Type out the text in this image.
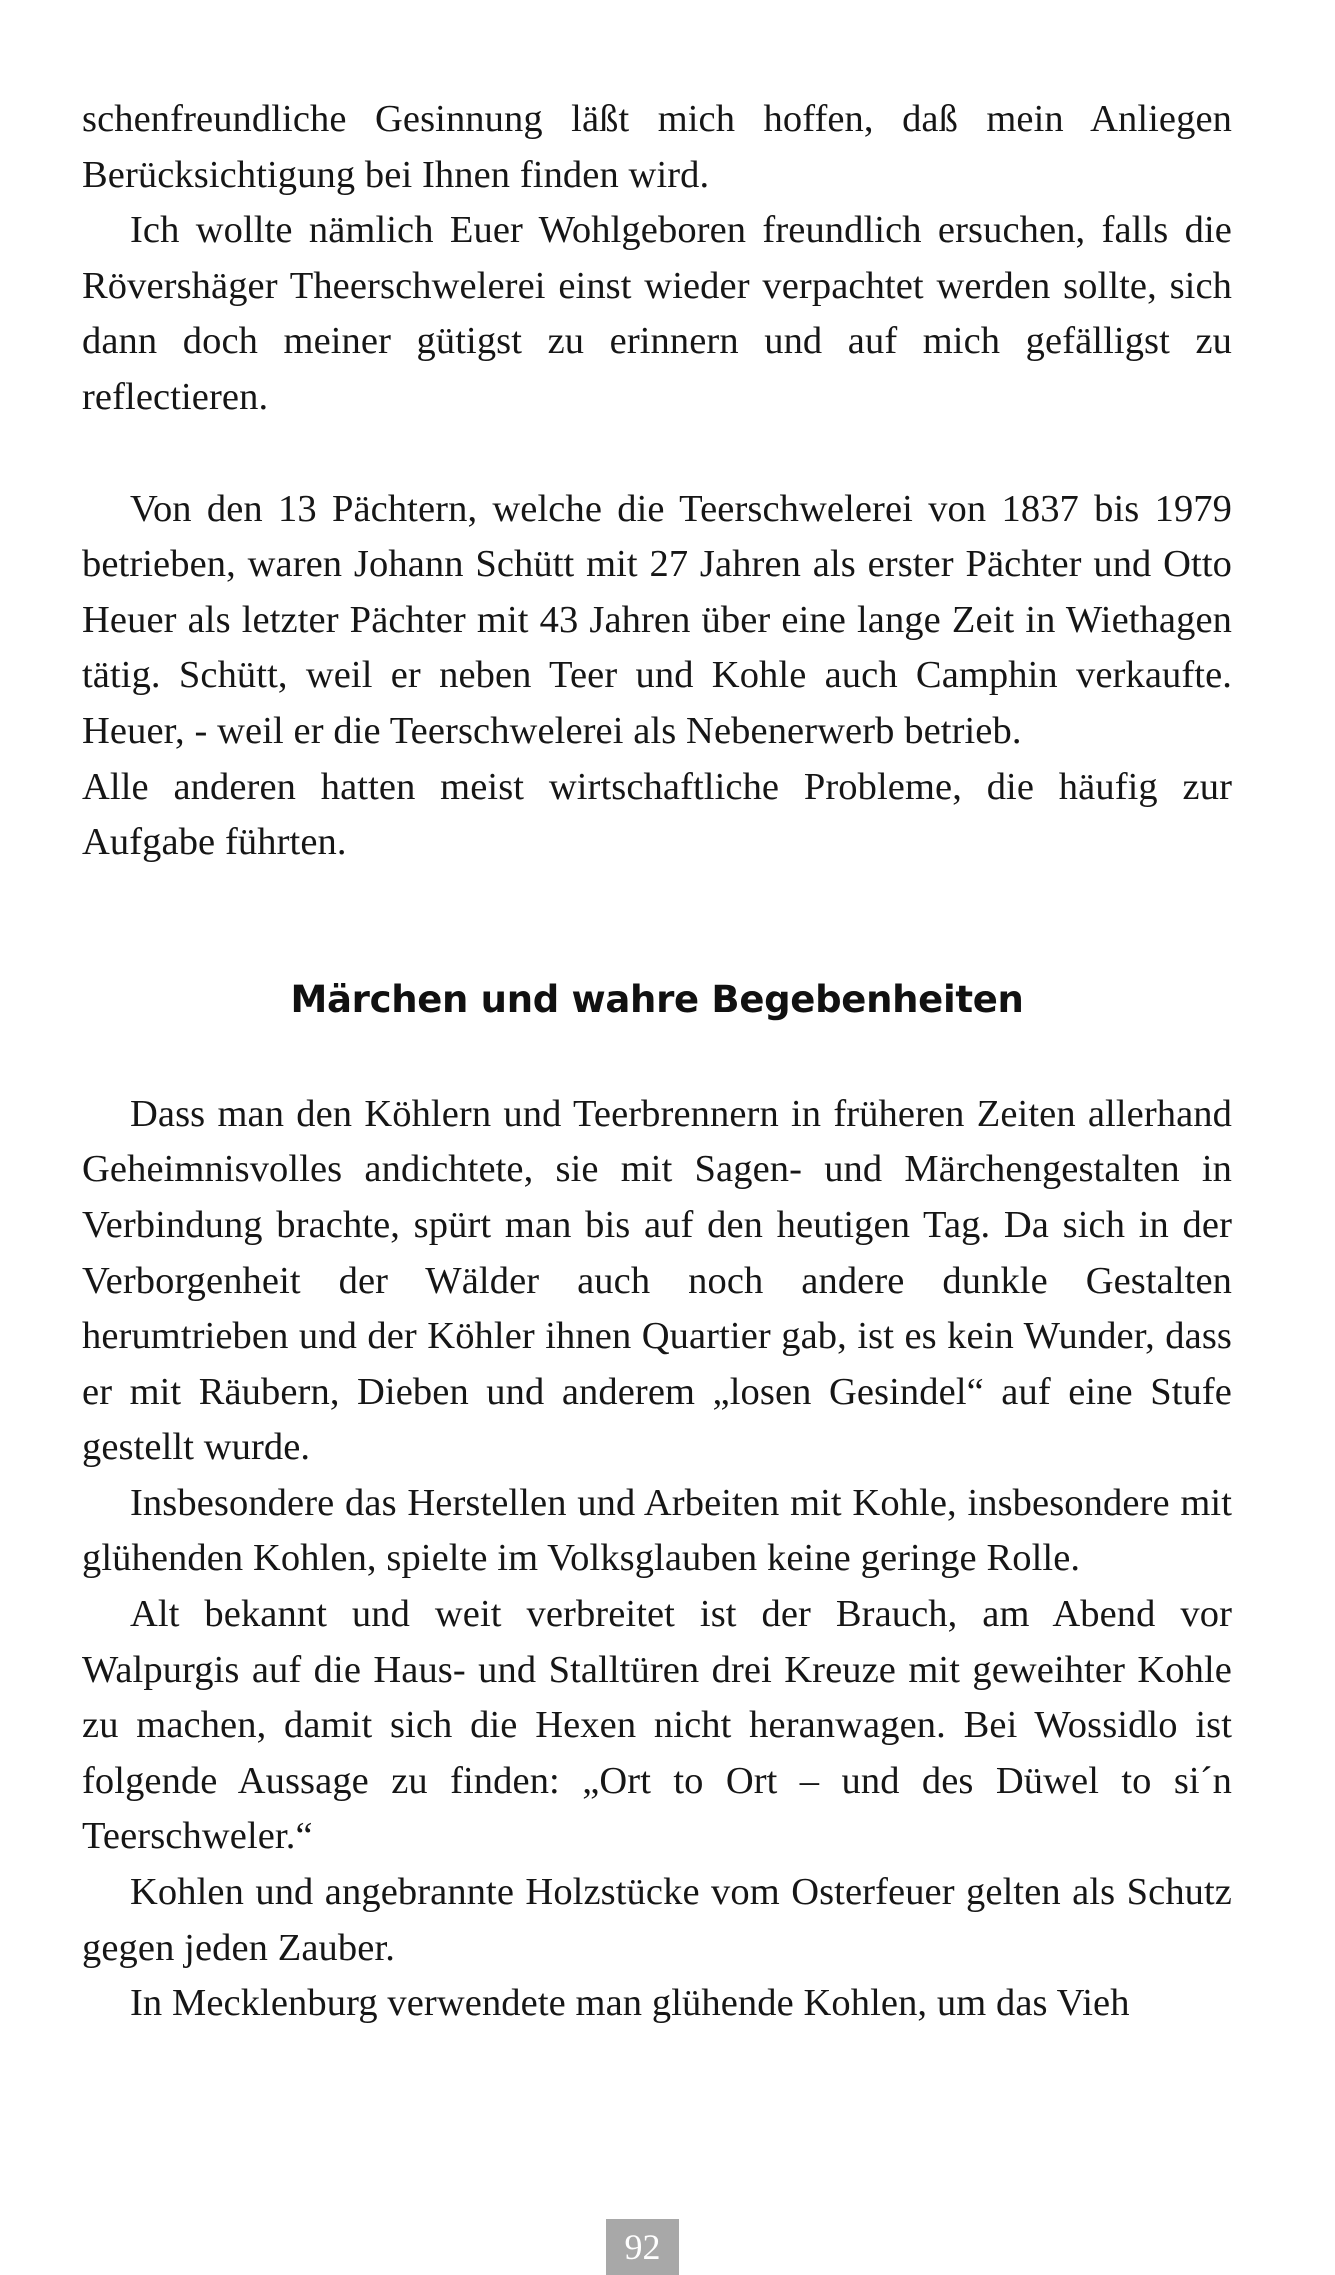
schenfreundliche Gesinnung läßt mich hoffen, daß mein Anliegen Berücksichtigung bei Ihnen finden wird.

Ich wollte nämlich Euer Wohlgeboren freundlich ersuchen, falls die Rövershäger Theerschwelerei einst wieder verpachtet werden sollte, sich dann doch meiner gütigst zu erinnern und auf mich gefälligst zu reflectieren.

Von den 13 Pächtern, welche die Teerschwelerei von 1837 bis 1979 betrieben, waren Johann Schütt mit 27 Jahren als erster Pächter und Otto Heuer als letzter Pächter mit 43 Jahren über eine lange Zeit in Wiethagen tätig. Schütt, weil er neben Teer und Kohle auch Camphin verkaufte. Heuer, - weil er die Teerschwelerei als Nebenerwerb betrieb.

Alle anderen hatten meist wirtschaftliche Probleme, die häufig zur Aufgabe führten.

Märchen und wahre Begebenheiten

Dass man den Köhlern und Teerbrennern in früheren Zeiten allerhand Geheimnisvolles andichtete, sie mit Sagen- und Märchengestalten in Verbindung brachte, spürt man bis auf den heutigen Tag. Da sich in der Verborgenheit der Wälder auch noch andere dunkle Gestalten herumtrieben und der Köhler ihnen Quartier gab, ist es kein Wunder, dass er mit Räubern, Dieben und anderem „losen Gesindel“ auf eine Stufe gestellt wurde.

Insbesondere das Herstellen und Arbeiten mit Kohle, insbesondere mit glühenden Kohlen, spielte im Volksglauben keine geringe Rolle.

Alt bekannt und weit verbreitet ist der Brauch, am Abend vor Walpurgis auf die Haus- und Stalltüren drei Kreuze mit geweihter Kohle zu machen, damit sich die Hexen nicht heranwagen. Bei Wossidlo ist folgende Aussage zu finden: „Ort to Ort – und des Düwel to si´n Teerschweler.“

Kohlen und angebrannte Holzstücke vom Osterfeuer gelten als Schutz gegen jeden Zauber.

In Mecklenburg verwendete man glühende Kohlen, um das Vieh

92
